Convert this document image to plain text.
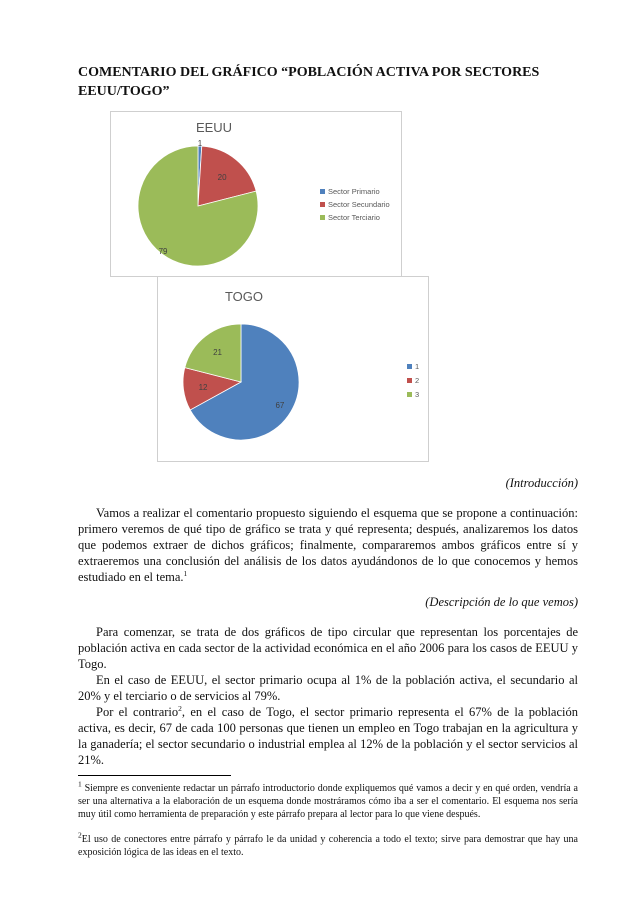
COMENTARIO DEL GRÁFICO “POBLACIÓN ACTIVA POR SECTORES EEUU/TOGO”
EEUU
1
20
79
Sector Primario
Sector Secundario
Sector Terciario
TOGO
67
12
21
1
2
3
(Introducción)

Vamos a realizar el comentario propuesto siguiendo el esquema que se propone a continuación: primero veremos de qué tipo de gráfico se trata y qué representa; después, analizaremos los datos que podemos extraer de dichos gráficos; finalmente, compararemos ambos gráficos entre sí y extraeremos una conclusión del análisis de los datos ayudándonos de lo que conocemos y hemos estudiado en el tema.$^1$

(Descripción de lo que vemos)

Para comenzar, se trata de dos gráficos de tipo circular que representan los porcentajes de población activa en cada sector de la actividad económica en el año 2006 para los casos de EEUU y Togo.

En el caso de EEUU, el sector primario ocupa al 1% de la población activa, el secundario al 20% y el terciario o de servicios al 79%.

Por el contrario$^2$, en el caso de Togo, el sector primario representa el 67% de la población activa, es decir, 67 de cada 100 personas que tienen un empleo en Togo trabajan en la agricultura y la ganadería; el sector secundario o industrial emplea al 12% de la población y el sector servicios al 21%.

$^1$ Siempre es conveniente redactar un párrafo introductorio donde expliquemos qué vamos a decir y en qué orden, vendría a ser una alternativa a la elaboración de un esquema donde mostráramos cómo iba a ser el comentario. El esquema nos sería muy útil como herramienta de preparación y este párrafo prepara al lector para lo que viene después.

$^2$El uso de conectores entre párrafo y párrafo le da unidad y coherencia a todo el texto; sirve para demostrar que hay una exposición lógica de las ideas en el texto.
